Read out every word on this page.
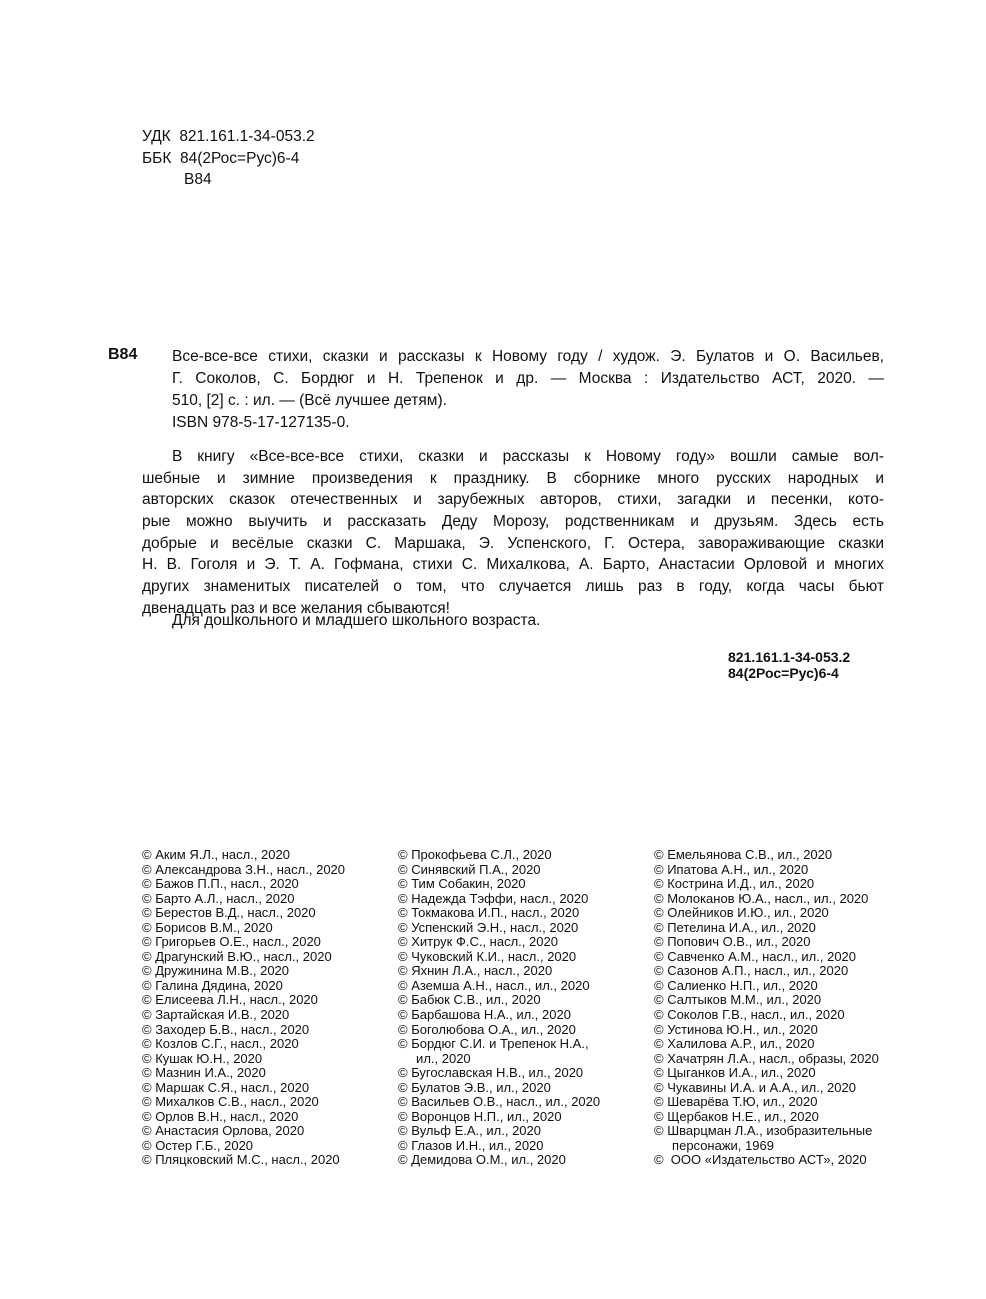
УДК 821.161.1-34-053.2
ББК 84(2Рос=Рус)6-4
В84
В84 Все-все-все стихи, сказки и рассказы к Новому году / худож. Э. Булатов и О. Васильев,
Г. Соколов, С. Бордюг и Н. Трепенок и др. — Москва : Издательство АСТ, 2020. —
510, [2] с. : ил. — (Всё лучшее детям).
ISBN 978-5-17-127135-0.
В книгу «Все-все-все стихи, сказки и рассказы к Новому году» вошли самые вол-
шебные и зимние произведения к празднику. В сборнике много русских народных и
авторских сказок отечественных и зарубежных авторов, стихи, загадки и песенки, кото-
рые можно выучить и рассказать Деду Морозу, родственникам и друзьям. Здесь есть
добрые и весёлые сказки С. Маршака, Э. Успенского, Г. Остера, завораживающие сказки
Н. В. Гоголя и Э. Т. А. Гофмана, стихи С. Михалкова, А. Барто, Анастасии Орловой и многих
других знаменитых писателей о том, что случается лишь раз в году, когда часы бьют
двенадцать раз и все желания сбываются!
Для дошкольного и младшего школьного возраста.
821.161.1-34-053.2
84(2Рос=Рус)6-4
© Аким Я.Л., насл., 2020
© Александрова З.Н., насл., 2020
© Бажов П.П., насл., 2020
© Барто А.Л., насл., 2020
© Берестов В.Д., насл., 2020
© Борисов В.М., 2020
© Григорьев О.Е., насл., 2020
© Драгунский В.Ю., насл., 2020
© Дружинина М.В., 2020
© Галина Дядина, 2020
© Елисеева Л.Н., насл., 2020
© Зартайская И.В., 2020
© Заходер Б.В., насл., 2020
© Козлов С.Г., насл., 2020
© Кушак Ю.Н., 2020
© Мазнин И.А., 2020
© Маршак С.Я., насл., 2020
© Михалков С.В., насл., 2020
© Орлов В.Н., насл., 2020
© Анастасия Орлова, 2020
© Остер Г.Б., 2020
© Пляцковский М.С., насл., 2020
© Прокофьева С.Л., 2020
© Синявский П.А., 2020
© Тим Собакин, 2020
© Надежда Тэффи, насл., 2020
© Токмакова И.П., насл., 2020
© Успенский Э.Н., насл., 2020
© Хитрук Ф.С., насл., 2020
© Чуковский К.И., насл., 2020
© Яхнин Л.А., насл., 2020
© Аземша А.Н., насл., ил., 2020
© Бабюк С.В., ил., 2020
© Барбашова Н.А., ил., 2020
© Боголюбова О.А., ил., 2020
© Бордюг С.И. и Трепенок Н.А.,
ил., 2020
© Бугославская Н.В., ил., 2020
© Булатов Э.В., ил., 2020
© Васильев О.В., насл., ил., 2020
© Воронцов Н.П., ил., 2020
© Вульф Е.А., ил., 2020
© Глазов И.Н., ил., 2020
© Демидова О.М., ил., 2020
© Емельянова С.В., ил., 2020
© Ипатова А.Н., ил., 2020
© Кострина И.Д., ил., 2020
© Молоканов Ю.А., насл., ил., 2020
© Олейников И.Ю., ил., 2020
© Петелина И.А., ил., 2020
© Попович О.В., ил., 2020
© Савченко А.М., насл., ил., 2020
© Сазонов А.П., насл., ил., 2020
© Салиенко Н.П., ил., 2020
© Салтыков М.М., ил., 2020
© Соколов Г.В., насл., ил., 2020
© Устинова Ю.Н., ил., 2020
© Халилова А.Р., ил., 2020
© Хачатрян Л.А., насл., образы, 2020
© Цыганков И.А., ил., 2020
© Чукавины И.А. и А.А., ил., 2020
© Шеварёва Т.Ю, ил., 2020
© Щербаков Н.Е., ил., 2020
© Шварцман Л.А., изобразительные
персонажи, 1969
©  ООО «Издательство АСТ», 2020
